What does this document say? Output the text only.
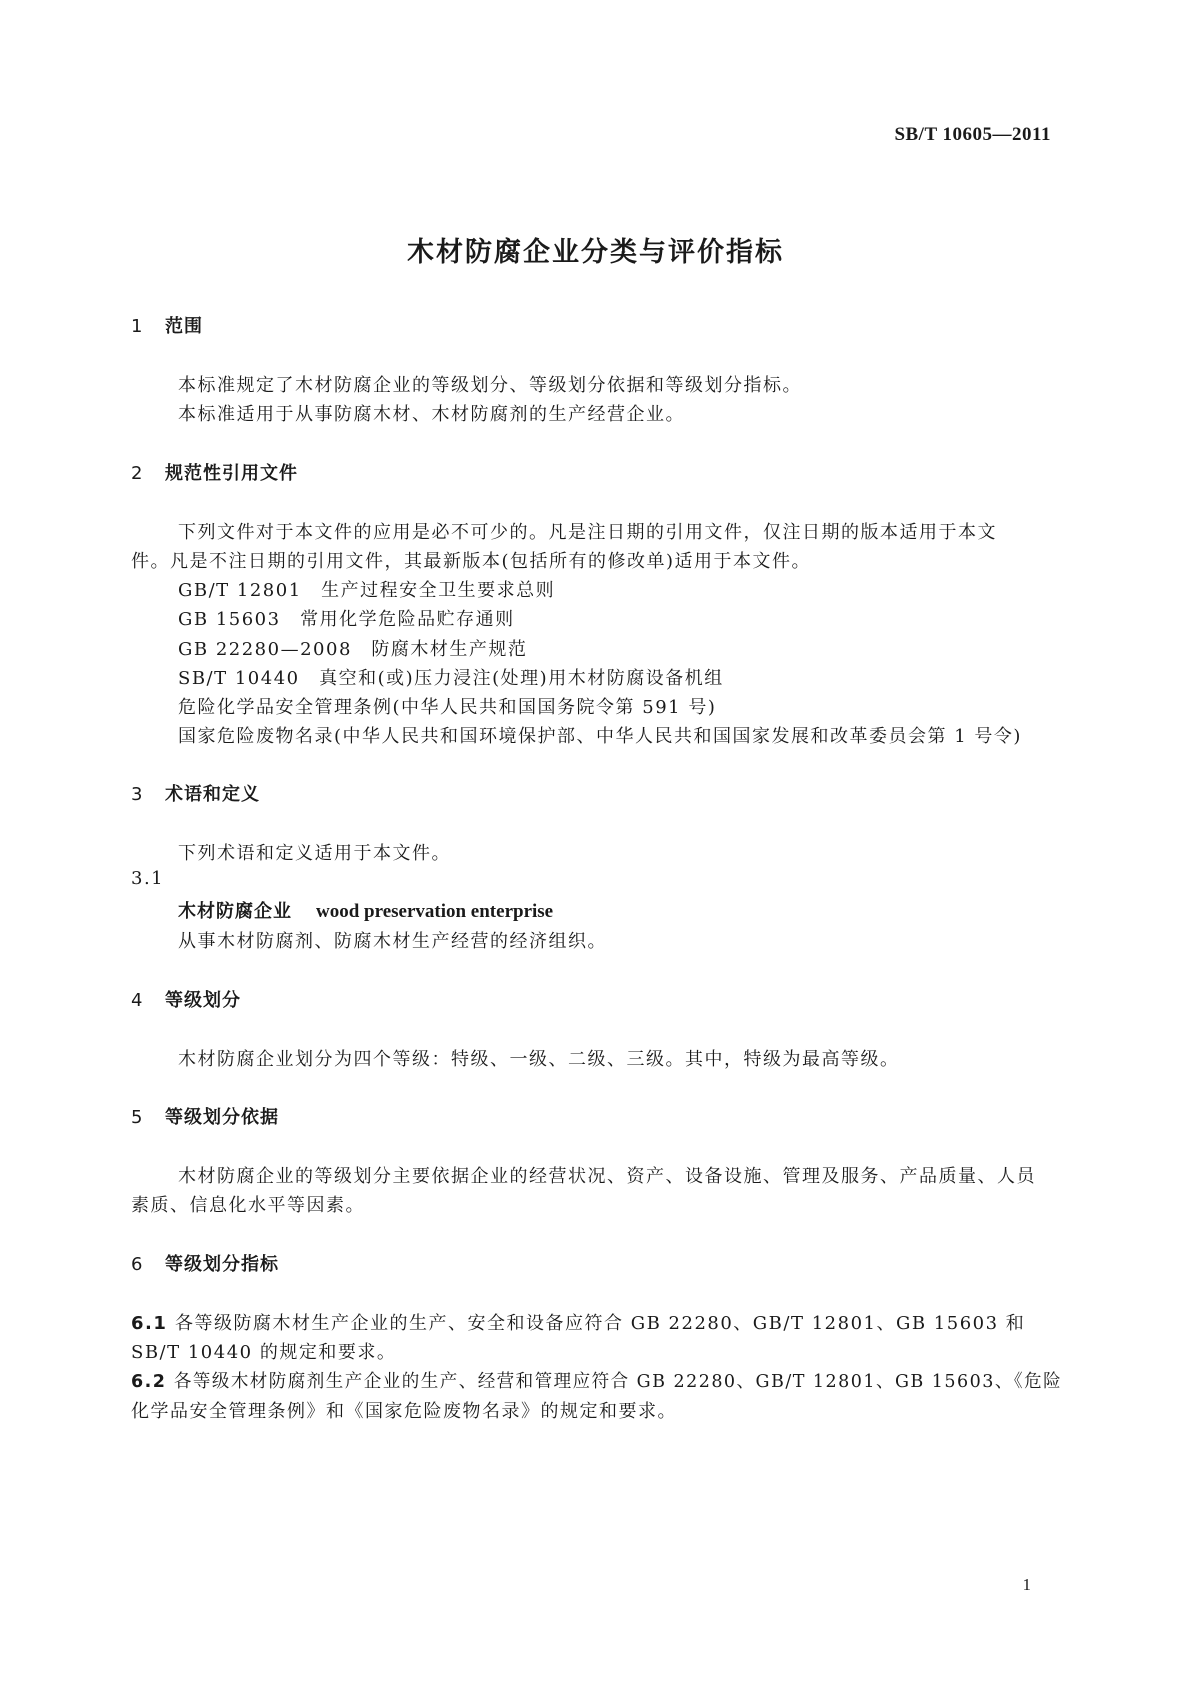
SB/T 10605—2011
木材防腐企业分类与评价指标
1 范围
本标准规定了木材防腐企业的等级划分、等级划分依据和等级划分指标。
本标准适用于从事防腐木材、木材防腐剂的生产经营企业。
2 规范性引用文件
下列文件对于本文件的应用是必不可少的。凡是注日期的引用文件，仅注日期的版本适用于本文
件。凡是不注日期的引用文件，其最新版本(包括所有的修改单)适用于本文件。
GB/T 12801　生产过程安全卫生要求总则
GB 15603　常用化学危险品贮存通则
GB 22280—2008　防腐木材生产规范
SB/T 10440　真空和(或)压力浸注(处理)用木材防腐设备机组
危险化学品安全管理条例(中华人民共和国国务院令第 591 号)
国家危险废物名录(中华人民共和国环境保护部、中华人民共和国国家发展和改革委员会第 1 号令)
3 术语和定义
下列术语和定义适用于本文件。
3.1
木材防腐企业 wood preservation enterprise
从事木材防腐剂、防腐木材生产经营的经济组织。
4 等级划分
木材防腐企业划分为四个等级：特级、一级、二级、三级。其中，特级为最高等级。
5 等级划分依据
木材防腐企业的等级划分主要依据企业的经营状况、资产、设备设施、管理及服务、产品质量、人员
素质、信息化水平等因素。
6 等级划分指标
6.1 各等级防腐木材生产企业的生产、安全和设备应符合 GB 22280、GB/T 12801、GB 15603 和
SB/T 10440 的规定和要求。
6.2 各等级木材防腐剂生产企业的生产、经营和管理应符合 GB 22280、GB/T 12801、GB 15603、《危险
化学品安全管理条例》和《国家危险废物名录》的规定和要求。
1
